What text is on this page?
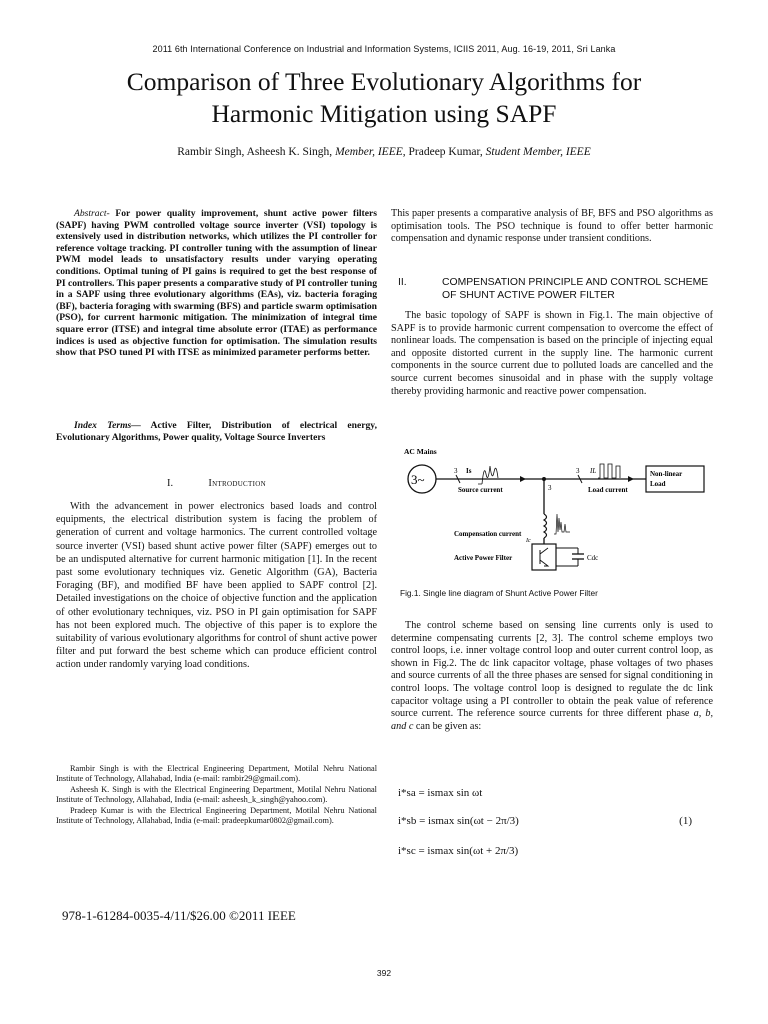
2011 6th International Conference on Industrial and Information Systems, ICIIS 2011, Aug. 16-19, 2011, Sri Lanka
Comparison of Three Evolutionary Algorithms for
Harmonic Mitigation using SAPF
Rambir Singh, Asheesh K. Singh, Member, IEEE, Pradeep Kumar, Student Member, IEEE
Abstract- For power quality improvement, shunt active power filters (SAPF) having PWM controlled voltage source inverter (VSI) topology is extensively used in distribution networks, which utilizes the PI controller for reference voltage tracking. PI controller tuning with the assumption of linear PWM model leads to unsatisfactory results under varying operating conditions. Optimal tuning of PI gains is required to get the best response of PI controllers. This paper presents a comparative study of PI controller tuning in a SAPF using three evolutionary algorithms (EAs), viz. bacteria foraging (BF), bacteria foraging with swarming (BFS) and particle swarm optimisation (PSO), for current harmonic mitigation. The minimization of integral time square error (ITSE) and integral time absolute error (ITAE) as performance indices is used as objective function for optimisation. The simulation results show that PSO tuned PI with ITSE as minimized parameter performs better.
Index Terms— Active Filter, Distribution of electrical energy, Evolutionary Algorithms, Power quality, Voltage Source Inverters
I.	Introduction
With the advancement in power electronics based loads and control equipments, the electrical distribution system is facing the problem of generation of current and voltage harmonics. The current controlled voltage source inverter (VSI) based shunt active power filter (SAPF) emerges out to be an undisputed alternative for current harmonic mitigation [1]. In the recent past some evolutionary techniques viz. Genetic Algorithm (GA), Bacteria Foraging (BF), and modified BF have been applied to SAPF control [2]. Detailed investigations on the choice of objective function and the application of other evolutionary techniques, viz. PSO in PI gain optimisation for SAPF has not been explored much. The objective of this paper is to explore the suitability of various evolutionary algorithms for control of shunt active power filter and put forward the best scheme which can produce efficient control action under randomly varying load conditions.

Rambir Singh is with the Electrical Engineering Department, Motilal Nehru National Institute of Technology, Allahabad, India (e-mail: rambir29@gmail.com).

Asheesh K. Singh is with the Electrical Engineering Department, Motilal Nehru National Institute of Technology, Allahabad, India (e-mail: asheesh_k_singh@yahoo.com).

Pradeep Kumar is with the Electrical Engineering Department, Motilal Nehru National Institute of Technology, Allahabad, India (e-mail: pradeepkumar0802@gmail.com).

978-1-61284-0035-4/11/$26.00 ©2011 IEEE
392
This paper presents a comparative analysis of BF, BFS and PSO algorithms as optimisation tools. The PSO technique is found to offer better harmonic compensation and dynamic response under transient conditions.
II.	COMPENSATION PRINCIPLE AND CONTROL SCHEME OF SHUNT ACTIVE POWER FILTER
The basic topology of SAPF is shown in Fig.1. The main objective of SAPF is to provide harmonic current compensation to overcome the effect of nonlinear loads. The compensation is based on the principle of injecting equal and opposite distorted current in the supply line. The harmonic current components in the source current due to polluted loads are cancelled and the source current becomes sinusoidal and in phase with the supply voltage thereby providing harmonic and reactive power compensation.
AC Mains
3~
3 Is
Source current	3
3 IL
Load current
Non-linear
Load
Compensation current
Ic
Active Power Filter	Cdc
Fig.1. Single line diagram of Shunt Active Power Filter
The control scheme based on sensing line currents only is used to determine compensating currents [2, 3]. The control scheme employs two control loops, i.e. inner voltage control loop and outer current control loop, as shown in Fig.2. The dc link capacitor voltage, phase voltages of two phases and source currents of all the three phases are sensed for signal conditioning in control loops. The voltage control loop is designed to regulate the dc link capacitor voltage using a PI controller to obtain the peak value of reference source current. The reference source currents for three different phase a, b, and c can be given as:
i*sa = ismax sin ωt
i*sb = ismax sin(ωt − 2π/3)
i*sc = ismax sin(ωt + 2π/3)
(1)
